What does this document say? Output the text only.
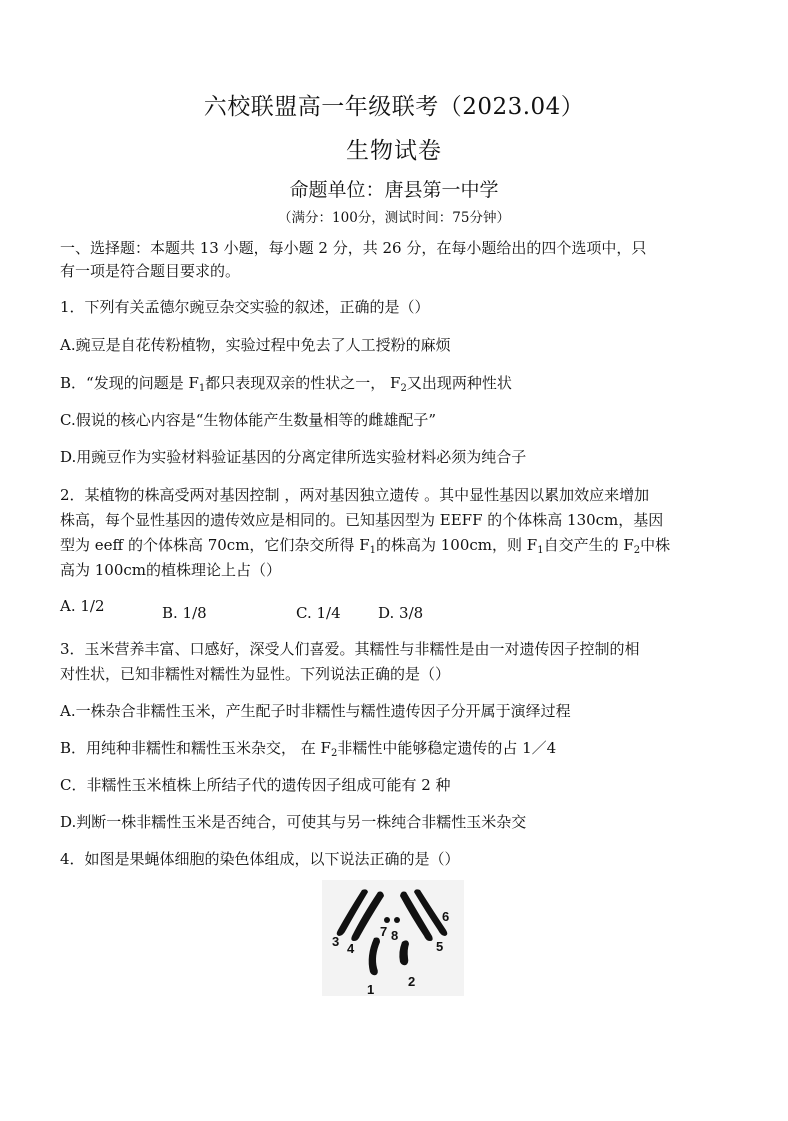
六校联盟高一年级联考（2023.04）
生物试卷
命题单位：唐县第一中学
（满分：100分，测试时间：75分钟）
一、选择题：本题共 13 小题，每小题 2 分，共 26 分，在每小题给出的四个选项中，只
有一项是符合题目要求的。
1．下列有关孟德尔豌豆杂交实验的叙述，正确的是（）
A.豌豆是自花传粉植物，实验过程中免去了人工授粉的麻烦
B．“发现的问题是 $F_1$都只表现双亲的性状之一， $F_2$又出现两种性状
C.假说的核心内容是“生物体能产生数量相等的雌雄配子”
D.用豌豆作为实验材料验证基因的分离定律所选实验材料必须为纯合子
2．某植物的株高受两对基因控制 ，两对基因独立遗传 。其中显性基因以累加效应来增加
株高，每个显性基因的遗传效应是相同的。已知基因型为 EEFF 的个体株高 130cm，基因
型为 eeff 的个体株高 70cm，它们杂交所得 $F_1$的株高为 100cm，则 $F_1$自交产生的 $F_2$中株
高为 100cm的植株理论上占（）
A. 1/2	B. 1/8	C. 1/4 D. 3/8
3．玉米营养丰富、口感好，深受人们喜爱。其糯性与非糯性是由一对遗传因子控制的相
对性状，已知非糯性对糯性为显性。下列说法正确的是（）
A.一株杂合非糯性玉米，产生配子时非糯性与糯性遗传因子分开属于演绎过程
B．用纯种非糯性和糯性玉米杂交， 在 $F_2$非糯性中能够稳定遗传的占 1／4
C．非糯性玉米植株上所结子代的遗传因子组成可能有 2 种
D.判断一株非糯性玉米是否纯合，可使其与另一株纯合非糯性玉米杂交
4．如图是果蝇体细胞的染色体组成，以下说法正确的是（）
1
2
3 4	5
6
7 8
